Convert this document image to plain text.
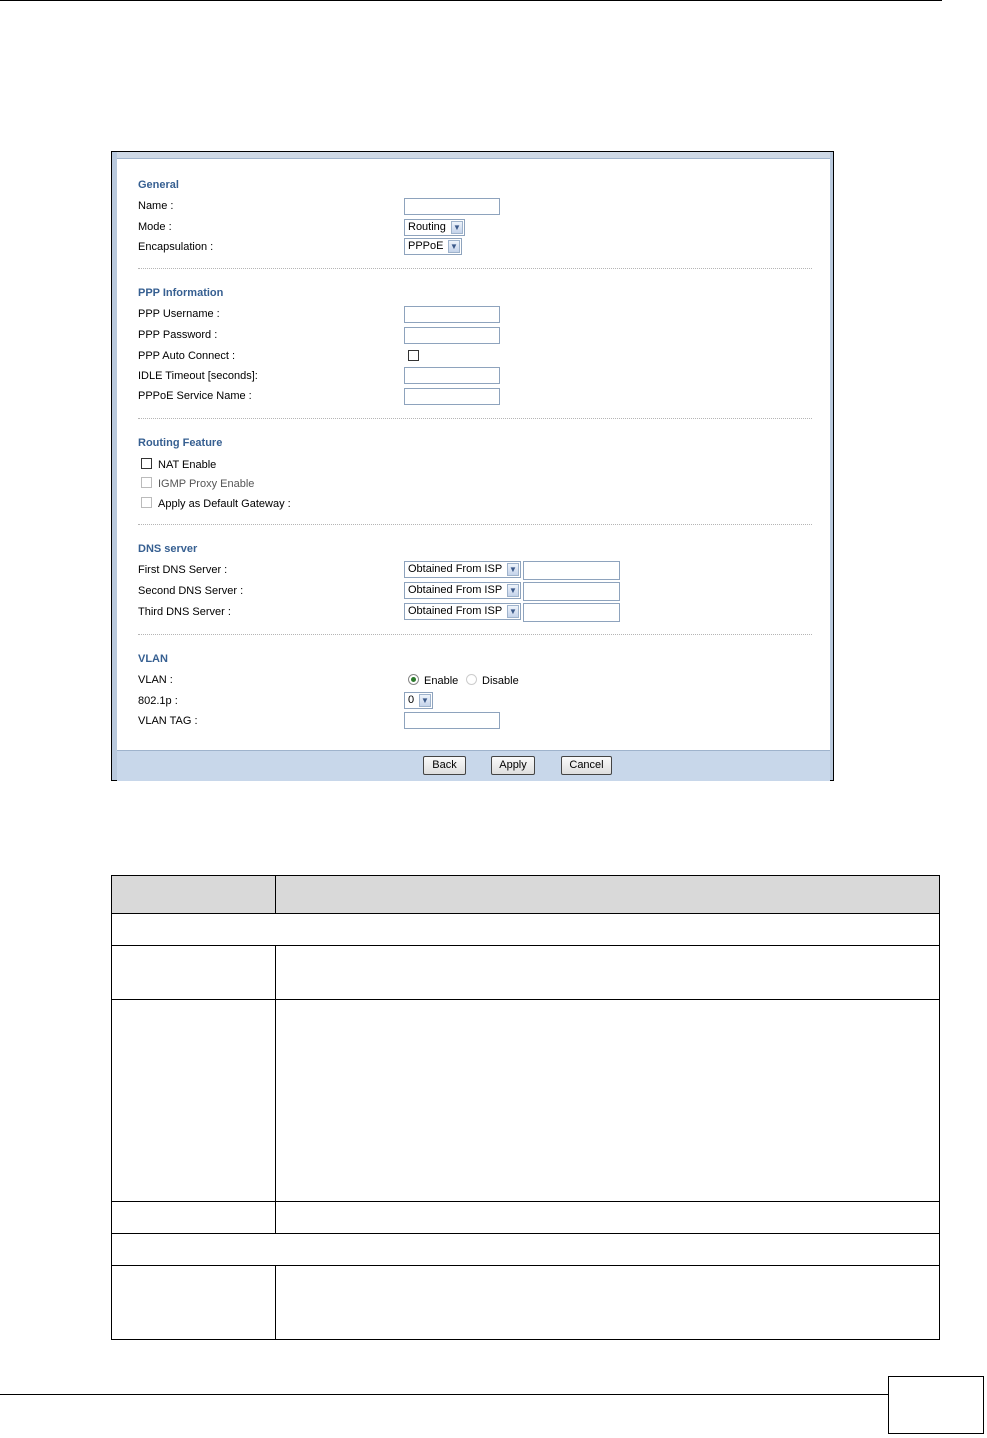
General
Name :
Mode :	Routing ▼
Encapsulation :	PPPoE ▼
PPP Information
PPP Username :
PPP Password :
PPP Auto Connect :
IDLE Timeout [seconds]:
PPPoE Service Name :
Routing Feature
NAT Enable
IGMP Proxy Enable
Apply as Default Gateway :
DNS server
First DNS Server :	Obtained From ISP ▼
Second DNS Server :	Obtained From ISP ▼
Third DNS Server :	Obtained From ISP ▼
VLAN
VLAN :	Enable Disable
802.1p :	0 ▼
VLAN TAG :
Back	Apply	Cancel
